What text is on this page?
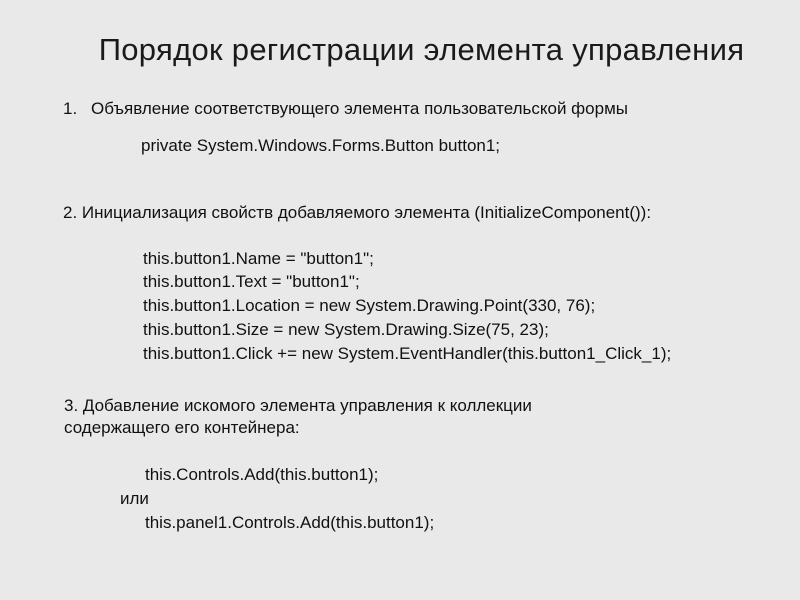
Порядок регистрации элемента управления
1. Объявление соответствующего элемента пользовательской формы
private System.Windows.Forms.Button button1;
2. Инициализация свойств добавляемого элемента (InitializeComponent()):
this.button1.Name = "button1";
this.button1.Text = "button1";
this.button1.Location = new System.Drawing.Point(330, 76);
this.button1.Size = new System.Drawing.Size(75, 23);
this.button1.Click += new System.EventHandler(this.button1_Click_1);
3. Добавление искомого элемента управления к коллекции
содержащего его контейнера:
this.Controls.Add(this.button1);
или
this.panel1.Controls.Add(this.button1);
